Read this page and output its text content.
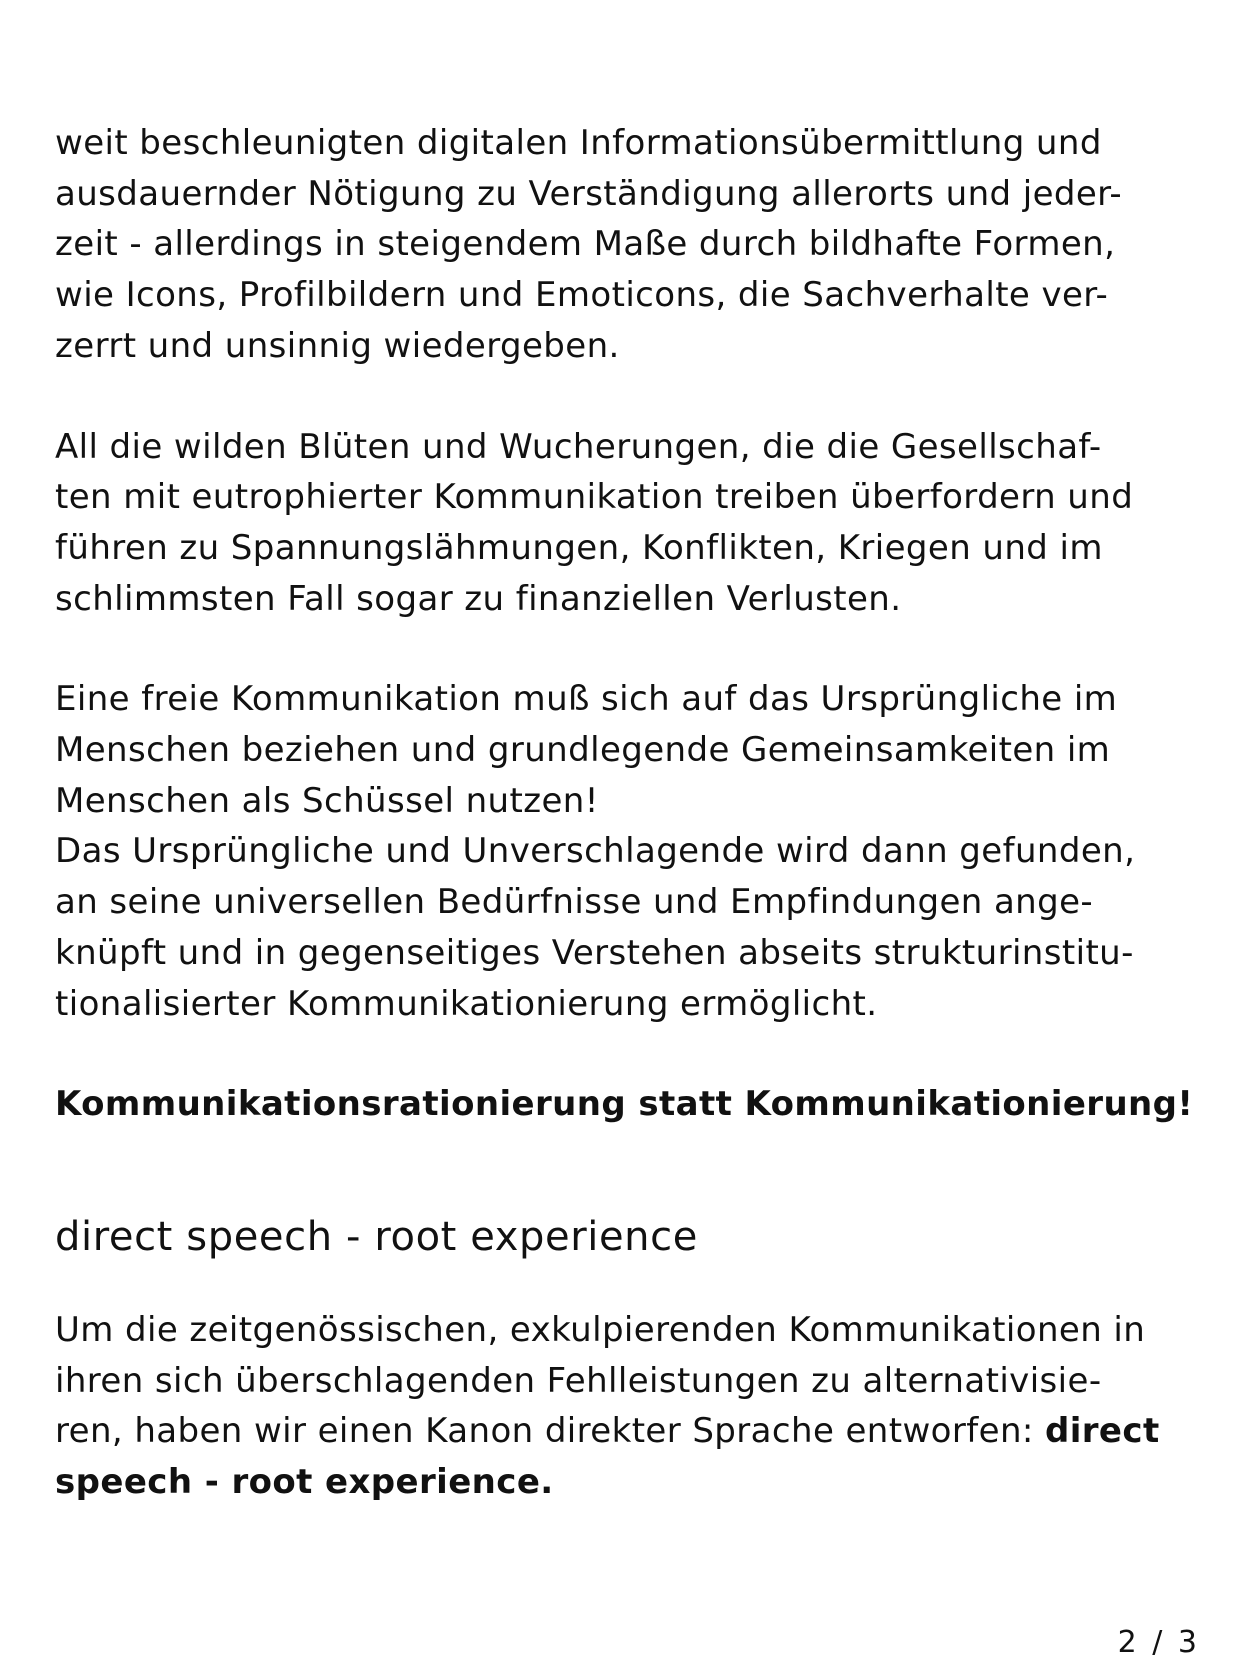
weit beschleunigten digitalen Informationsübermittlung und
ausdauernder Nötigung zu Verständigung allerorts und jeder-
zeit - allerdings in steigendem Maße durch bildhafte Formen,
wie Icons, Profilbildern und Emoticons, die Sachverhalte ver-
zerrt und unsinnig wiedergeben.
All die wilden Blüten und Wucherungen, die die Gesellschaf-
ten mit eutrophierter Kommunikation treiben überfordern und
führen zu Spannungslähmungen, Konflikten, Kriegen und im
schlimmsten Fall sogar zu finanziellen Verlusten.
Eine freie Kommunikation muß sich auf das Ursprüngliche im
Menschen beziehen und grundlegende Gemeinsamkeiten im
Menschen als Schüssel nutzen!
Das Ursprüngliche und Unverschlagende wird dann gefunden,
an seine universellen Bedürfnisse und Empfindungen ange-
knüpft und in gegenseitiges Verstehen abseits strukturinstitu-
tionalisierter Kommunikationierung ermöglicht.
Kommunikationsrationierung statt Kommunikationierung!
direct speech - root experience
Um die zeitgenössischen, exkulpierenden Kommunikationen in
ihren sich überschlagenden Fehlleistungen zu alternativisie-
ren, haben wir einen Kanon direkter Sprache entworfen: direct
speech - root experience.
2 / 3
